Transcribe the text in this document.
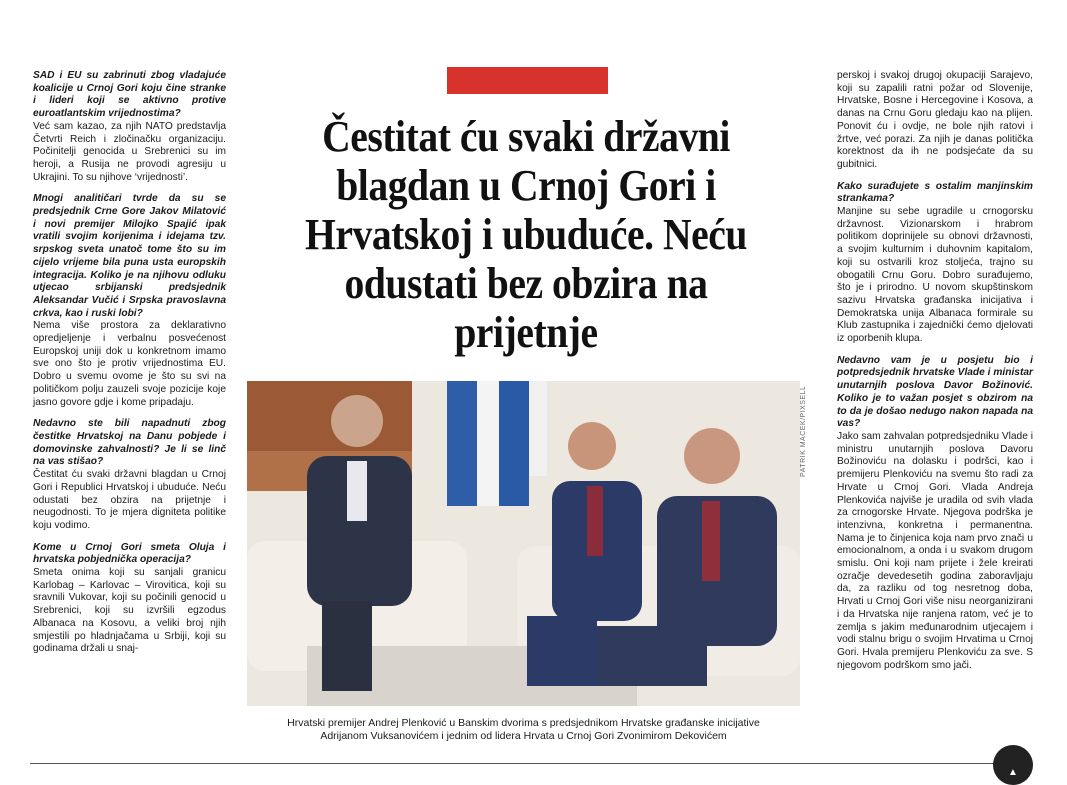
SAD i EU su zabrinuti zbog vladajuće koalicije u Crnoj Gori koju čine stranke i lideri koji se aktivno protive euroatlantskim vrijednostima?

Već sam kazao, za njih NATO predstavlja Četvrti Reich i zločinačku organizaciju. Počinitelji genocida u Srebrenici su im heroji, a Rusija ne provodi agresiju u Ukrajini. To su njihove ‘vrijednosti’.

Mnogi analitičari tvrde da su se predsjednik Crne Gore Jakov Milatović i novi premijer Milojko Spajić ipak vratili svojim korijenima i idejama tzv. srpskog sveta unatoč tome što su im cijelo vrijeme bila puna usta europskih integracija. Koliko je na njihovu odluku utjecao srbijanski predsjednik Aleksandar Vučić i Srpska pravoslavna crkva, kao i ruski lobi?

Nema više prostora za deklarativno opredjeljenje i verbalnu posvećenost Europskoj uniji dok u konkretnom imamo sve ono što je protiv vrijednostima EU. Dobro u svemu ovome je što su svi na političkom polju zauzeli svoje pozicije koje jasno govore gdje i kome pripadaju.

Nedavno ste bili napadnuti zbog čestitke Hrvatskoj na Danu pobjede i domovinske zahvalnosti? Je li se linč na vas stišao?

Čestitat ću svaki državni blagdan u Crnoj Gori i Republici Hrvatskoj i ubuduće. Neću odustati bez obzira na prijetnje i neugodnosti. To je mjera digniteta politike koju vodimo.

Kome u Crnoj Gori smeta Oluja i hrvatska pobjednička operacija?

Smeta onima koji su sanjali granicu Karlobag – Karlovac – Virovitica, koji su sravnili Vukovar, koji su počinili genocid u Srebrenici, koji su izvršili egzodus Albanaca na Kosovu, a veliki broj njih smjestili po hladnjačama u Srbiji, koji su godinama držali u snaj-

Čestitat ću svaki državni blagdan u Crnoj Gori i Hrvatskoj i ubuduće. Neću odustati bez obzira na prijetnje
PATRIK MACEK/PIXSELL
Hrvatski premijer Andrej Plenković u Banskim dvorima s predsjednikom Hrvatske građanske inicijative
Adrijanom Vuksanovićem i jednim od lidera Hrvata u Crnoj Gori Zvonimirom Dekovićem

perskoj i svakoj drugoj okupaciji Sarajevo, koji su zapalili ratni požar od Slovenije, Hrvatske, Bosne i Hercegovine i Kosova, a danas na Crnu Goru gledaju kao na plijen. Ponovit ću i ovdje, ne bole njih ratovi i žrtve, već porazi. Za njih je danas politička korektnost da ih ne podsjećate da su gubitnici.

Kako surađujete s ostalim manjinskim strankama?

Manjine su sebe ugradile u crnogorsku državnost. Vizionarskom i hrabrom politikom doprinijele su obnovi državnosti, a svojim kulturnim i duhovnim kapitalom, koji su ostvarili kroz stoljeća, trajno su obogatili Crnu Goru. Dobro surađujemo, što je i prirodno. U novom skupštinskom sazivu Hrvatska građanska inicijativa i Demokratska unija Albanaca formirale su Klub zastupnika i zajednički ćemo djelovati iz oporbenih klupa.

Nedavno vam je u posjetu bio i potpredsjednik hrvatske Vlade i ministar unutarnjih poslova Davor Božinović. Koliko je to važan posjet s obzirom na to da je došao nedugo nakon napada na vas?

Jako sam zahvalan potpredsjedniku Vlade i ministru unutarnjih poslova Davoru Božinoviću na dolasku i podršci, kao i premijeru Plenkoviću na svemu što radi za Hrvate u Crnoj Gori. Vlada Andreja Plenkovića najviše je uradila od svih vlada za crnogorske Hrvate. Njegova podrška je intenzivna, konkretna i permanentna. Nama je to činjenica koja nam prvo znači u emocionalnom, a onda i u svakom drugom smislu. Oni koji nam prijete i žele kreirati ozračje devedesetih godina zaboravljaju da, za razliku od tog nesretnog doba, Hrvati u Crnoj Gori više nisu neorganizirani i da Hrvatska nije ranjena ratom, već je to zemlja s jakim međunarodnim utjecajem i vodi stalnu brigu o svojim Hrvatima u Crnoj Gori. Hvala premijeru Plenkoviću za sve. S njegovom podrškom smo jači.

▲
